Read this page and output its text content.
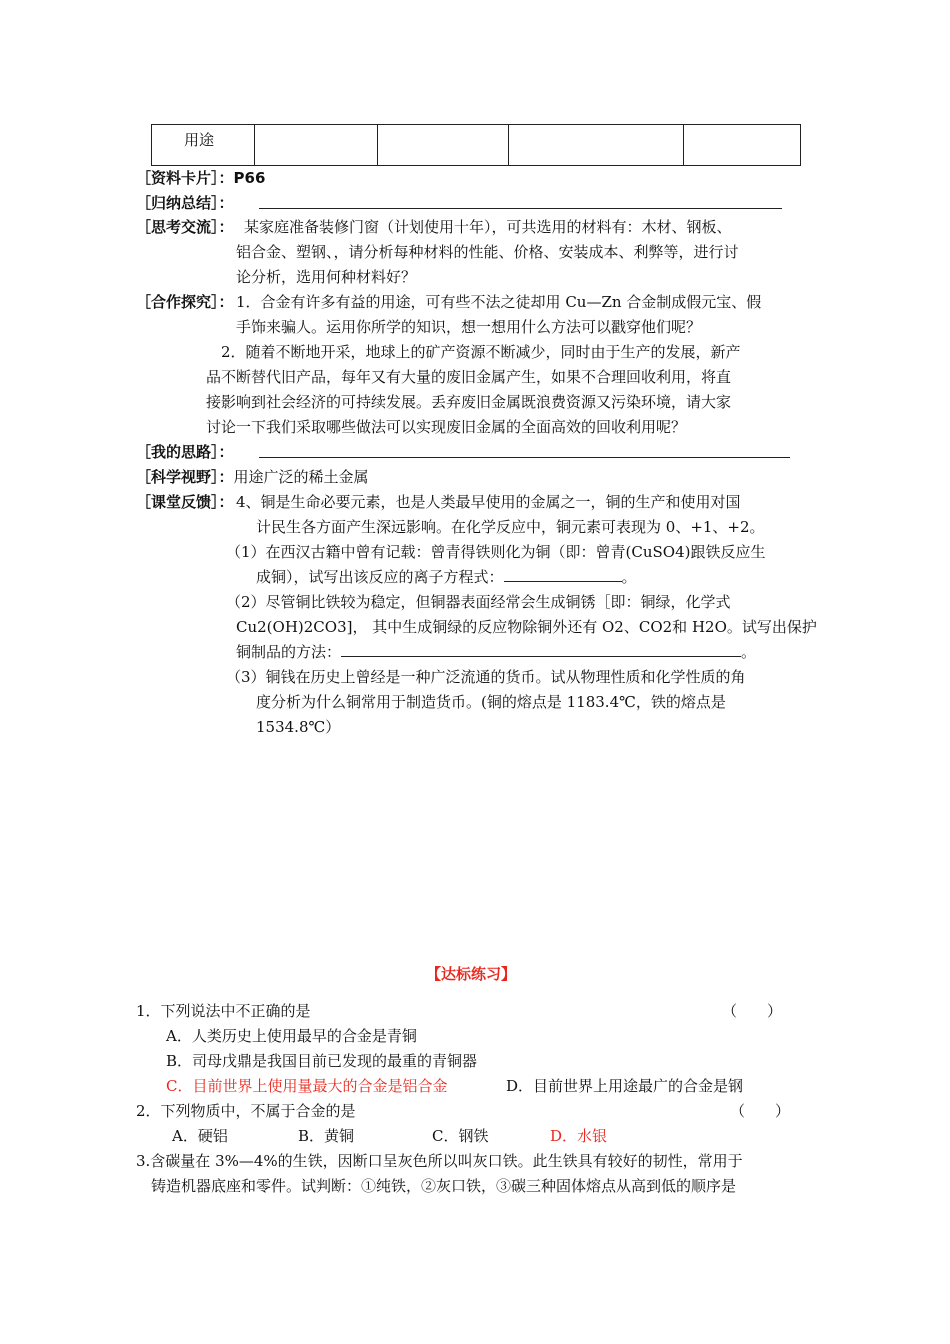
用途				
［资料卡片］：P66
［归纳总结］：
［思考交流］： 某家庭准备装修门窗（计划使用十年），可共选用的材料有：木材、钢板、
铝合金、塑钢、，请分析每种材料的性能、价格、安装成本、利弊等，进行讨
论分析，选用何种材料好？
［合作探究］： 1．合金有许多有益的用途，可有些不法之徒却用 Cu—Zn 合金制成假元宝、假
手饰来骗人。运用你所学的知识，想一想用什么方法可以戳穿他们呢？
2．随着不断地开采，地球上的矿产资源不断减少，同时由于生产的发展，新产
品不断替代旧产品，每年又有大量的废旧金属产生，如果不合理回收利用，将直
接影响到社会经济的可持续发展。丢弃废旧金属既浪费资源又污染环境，请大家
讨论一下我们采取哪些做法可以实现废旧金属的全面高效的回收利用呢？
［我的思路］：
［科学视野］：用途广泛的稀土金属
［课堂反馈］： 4、铜是生命必要元素，也是人类最早使用的金属之一，铜的生产和使用对国
计民生各方面产生深远影响。在化学反应中，铜元素可表现为 0、+1、+2。
（1）在西汉古籍中曾有记载：曾青得铁则化为铜（即：曾青(CuSO4)跟铁反应生
成铜），试写出该反应的离子方程式：	。
（2）尽管铜比铁较为稳定，但铜器表面经常会生成铜锈［即：铜绿，化学式
Cu2(OH)2CO3]， 其中生成铜绿的反应物除铜外还有 O2、CO2和 H2O。试写出保护
铜制品的方法：	。
（3）铜钱在历史上曾经是一种广泛流通的货币。试从物理性质和化学性质的角
度分析为什么铜常用于制造货币。(铜的熔点是 1183.4℃，铁的熔点是
1534.8℃）
【达标练习】
1．下列说法中不正确的是	（　　）
A．人类历史上使用最早的合金是青铜
B．司母戊鼎是我国目前已发现的最重的青铜器
C．目前世界上使用量最大的合金是铝合金	D．目前世界上用途最广的合金是钢
2．下列物质中，不属于合金的是	（　　）
A．硬铝	B．黄铜	C．钢铁	D．水银
3.含碳量在 3%—4%的生铁，因断口呈灰色所以叫灰口铁。此生铁具有较好的韧性，常用于
铸造机器底座和零件。试判断：①纯铁，②灰口铁，③碳三种固体熔点从高到低的顺序是
